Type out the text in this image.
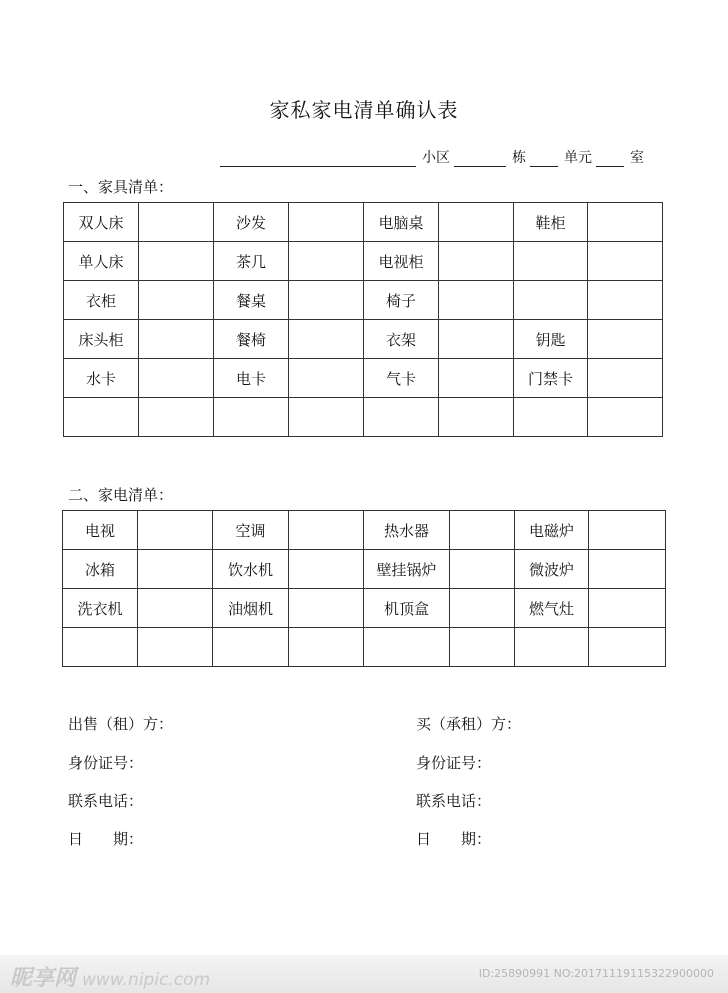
家私家电清单确认表
小区	栋	单元	室
一、家具清单：
双人床		沙发		电脑桌		鞋柜	
单人床		茶几		电视柜			
衣柜		餐桌		椅子			
床头柜		餐椅		衣架		钥匙	
水卡		电卡		气卡		门禁卡	

二、家电清单：
电视		空调		热水器		电磁炉	
冰箱		饮水机		壁挂锅炉		微波炉	
洗衣机		油烟机		机顶盒		燃气灶	

出售（租）方：
身份证号：
联系电话：
日　　期：
买（承租）方：
身份证号：
联系电话：
日　　期：
昵享网 www.nipic.com	ID:25890991 NO:20171119115322900000
